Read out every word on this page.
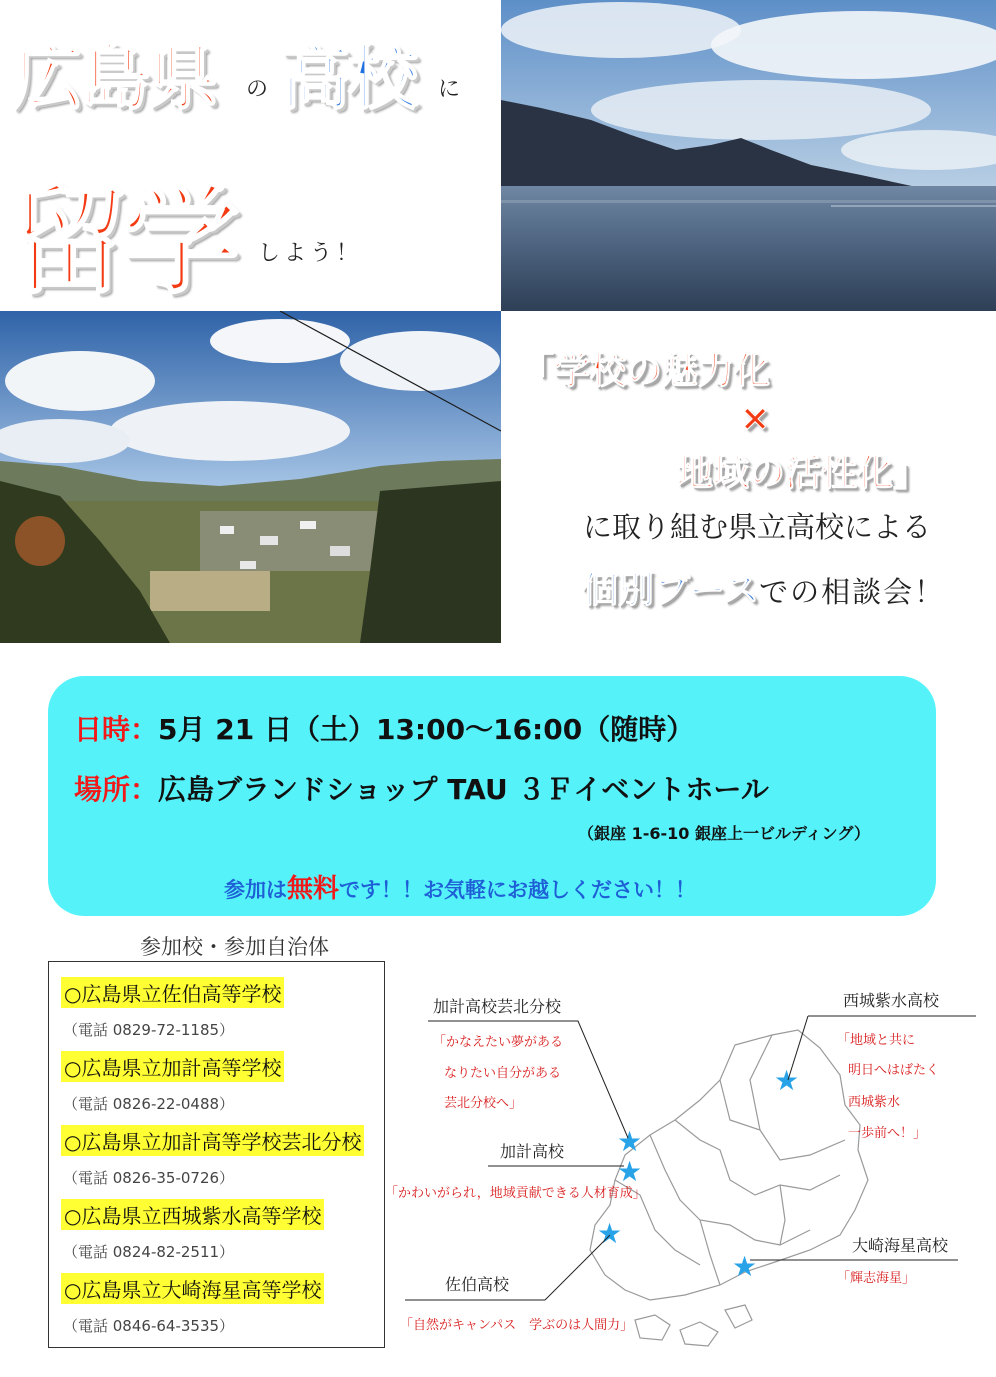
広島県 の 高校 に
留学 しよう！
「学校の魅力化
×
地域の活性化」
に取り組む県立高校による
個別ブースでの相談会！
日時：5月 21 日（土）13:00～16:00（随時）
場所：広島ブランドショップ TAU ３Ｆイベントホール
（銀座 1-6-10 銀座上一ビルディング）
参加は無料です！！お気軽にお越しください！！
参加校・参加自治体
○広島県立佐伯高等学校
（電話 0829-72-1185）
○広島県立加計高等学校
（電話 0826-22-0488）
○広島県立加計高等学校芸北分校
（電話 0826-35-0726）
○広島県立西城紫水高等学校
（電話 0824-82-2511）
○広島県立大崎海星高等学校
（電話 0846-64-3535）
★
★
★
★
★
加計高校芸北分校
「かなえたい夢がある
なりたい自分がある
芸北分校へ」
西城紫水高校
「地域と共に
明日へはばたく
西城紫水
一歩前へ！」
加計高校
「かわいがられ，地域貢献できる人材育成」
大崎海星高校
「輝志海星」
佐伯高校
「自然がキャンパス　学ぶのは人間力」
